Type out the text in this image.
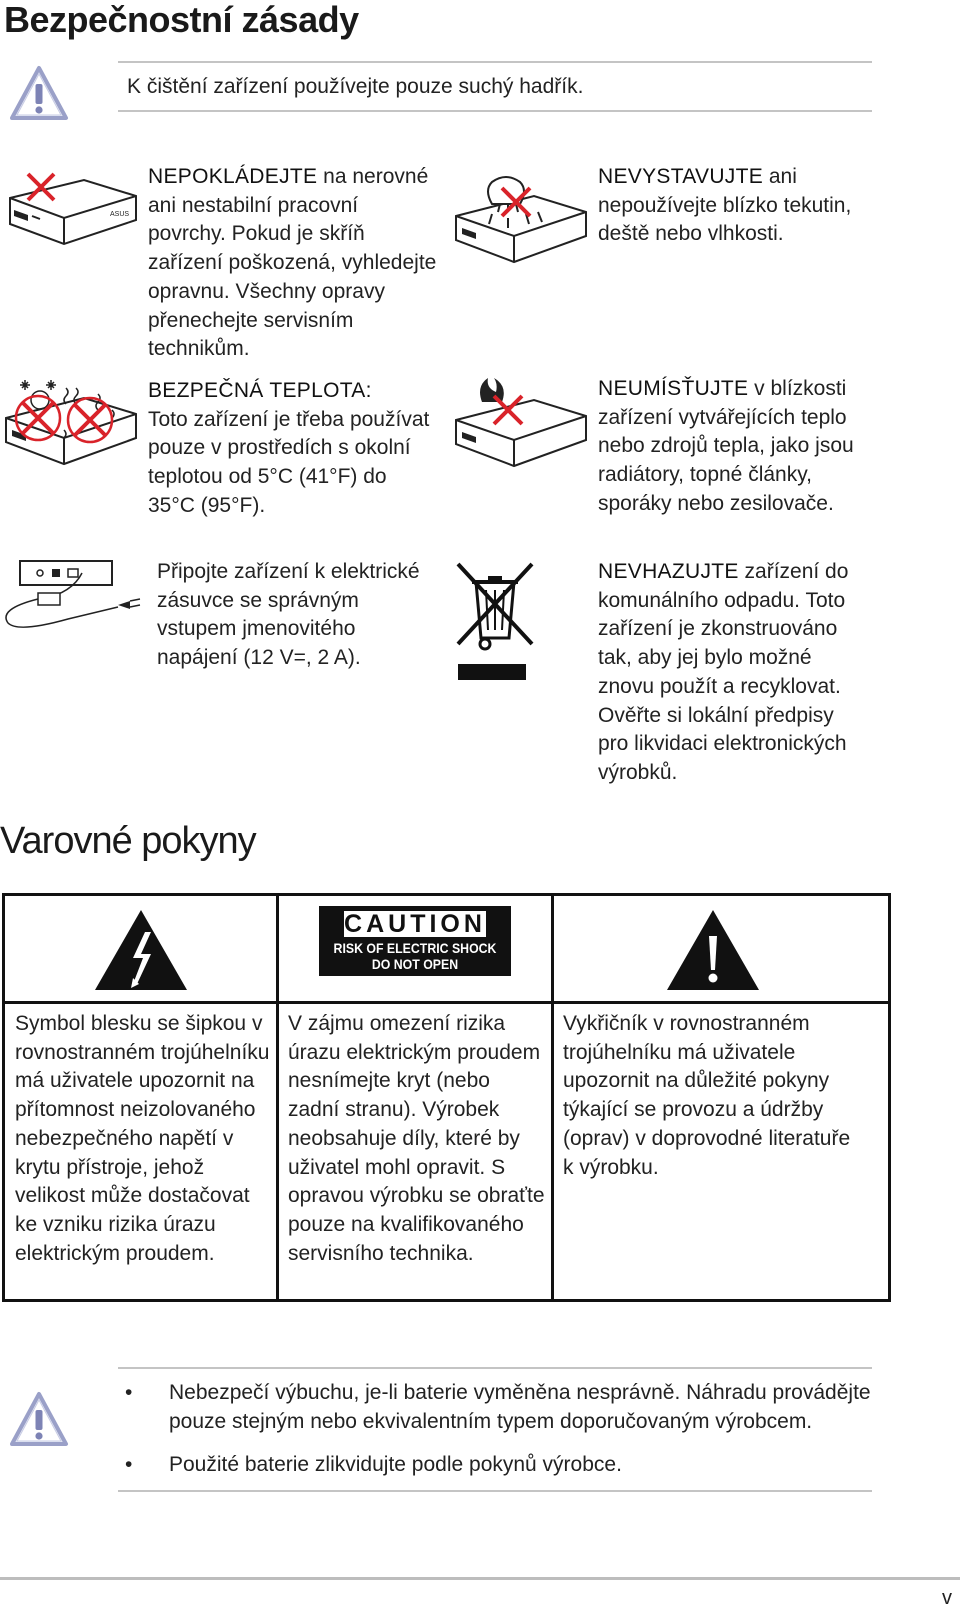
Bezpečnostní zásady
K čištění zařízení používejte pouze suchý hadřík.
ASUS
NEPOKLÁDEJTE na nerovné ani nestabilní pracovní povrchy. Pokud je skříň zařízení poškozená, vyhledejte opravnu. Všechny opravy přenechejte servisním technikům.
BEZPEČNÁ TEPLOTA:
Toto zařízení je třeba používat pouze v prostředích s okolní teplotou od 5°C (41°F) do 35°C (95°F).
Připojte zařízení k elektrické zásuvce se správným vstupem jmenovitého napájení (12 V=, 2 A).
NEVYSTAVUJTE ani nepoužívejte blízko tekutin, deště nebo vlhkosti.
NEUMÍSŤUJTE v blízkosti zařízení vytvářejících teplo nebo zdrojů tepla, jako jsou radiátory, topné články, sporáky nebo zesilovače.
NEVHAZUJTE zařízení do komunálního odpadu. Toto zařízení je zkonstruováno tak, aby jej bylo možné znovu použít a recyklovat. Ověřte si lokální předpisy pro likvidaci elektronických výrobků.
Varovné pokyny
CAUTION
RISK OF ELECTRIC SHOCK
DO NOT OPEN
Symbol blesku se šipkou v rovnostranném trojúhelníku má uživatele upozornit na přítomnost neizolovaného nebezpečného napětí v krytu přístroje, jehož velikost může dostačovat ke vzniku rizika úrazu elektrickým proudem.
V zájmu omezení rizika úrazu elektrickým proudem nesnímejte kryt (nebo zadní stranu). Výrobek neobsahuje díly, které by uživatel mohl opravit. S opravou výrobku se obraťte pouze na kvalifikovaného servisního technika.
Vykřičník v rovnostranném trojúhelníku má uživatele upozornit na důležité pokyny týkající se provozu a údržby (oprav) v doprovodné literatuře k výrobku.
• Nebezpečí výbuchu, je-li baterie vyměněna nesprávně. Náhradu provádějte pouze stejným nebo ekvivalentním typem doporučovaným výrobcem.
• Použité baterie zlikvidujte podle pokynů výrobce.
v
